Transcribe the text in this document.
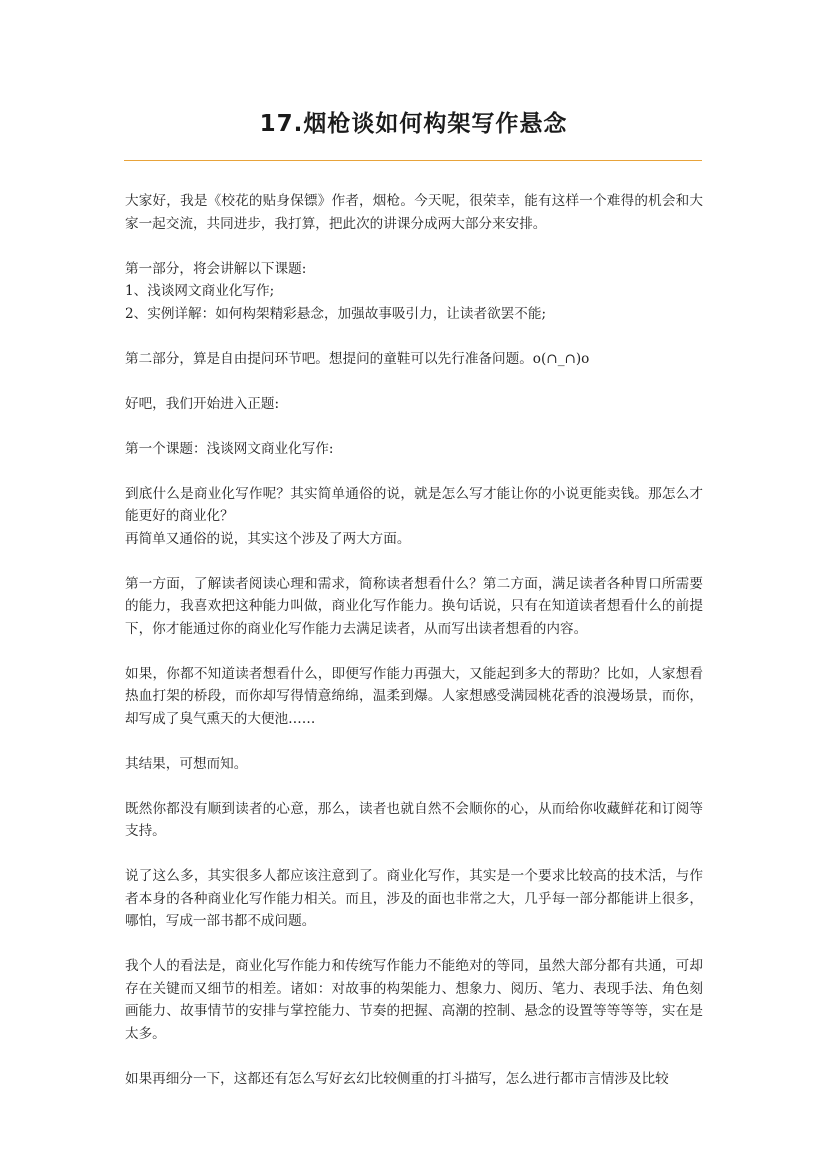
17.烟枪谈如何构架写作悬念

大家好，我是《校花的贴身保镖》作者，烟枪。今天呢，很荣幸，能有这样一个难得的机会和大家一起交流，共同进步，我打算，把此次的讲课分成两大部分来安排。

第一部分，将会讲解以下课题:
1、浅谈网文商业化写作;
2、实例详解：如何构架精彩悬念，加强故事吸引力，让读者欲罢不能;

第二部分，算是自由提问环节吧。想提问的童鞋可以先行准备问题。o(∩_∩)o

好吧，我们开始进入正题:

第一个课题：浅谈网文商业化写作:

到底什么是商业化写作呢？其实简单通俗的说，就是怎么写才能让你的小说更能卖钱。那怎么才能更好的商业化？
再简单又通俗的说，其实这个涉及了两大方面。

第一方面，了解读者阅读心理和需求，简称读者想看什么？第二方面，满足读者各种胃口所需要的能力，我喜欢把这种能力叫做，商业化写作能力。换句话说，只有在知道读者想看什么的前提下，你才能通过你的商业化写作能力去满足读者，从而写出读者想看的内容。

如果，你都不知道读者想看什么，即便写作能力再强大，又能起到多大的帮助？比如，人家想看热血打架的桥段，而你却写得情意绵绵，温柔到爆。人家想感受满园桃花香的浪漫场景，而你，却写成了臭气熏天的大便池……

其结果，可想而知。

既然你都没有顺到读者的心意，那么，读者也就自然不会顺你的心，从而给你收藏鲜花和订阅等支持。

说了这么多，其实很多人都应该注意到了。商业化写作，其实是一个要求比较高的技术活，与作者本身的各种商业化写作能力相关。而且，涉及的面也非常之大，几乎每一部分都能讲上很多，哪怕，写成一部书都不成问题。

我个人的看法是，商业化写作能力和传统写作能力不能绝对的等同，虽然大部分都有共通，可却存在关键而又细节的相差。诸如：对故事的构架能力、想象力、阅历、笔力、表现手法、角色刻画能力、故事情节的安排与掌控能力、节奏的把握、高潮的控制、悬念的设置等等等等，实在是太多。

如果再细分一下，这都还有怎么写好玄幻比较侧重的打斗描写，怎么进行都市言情涉及比较
